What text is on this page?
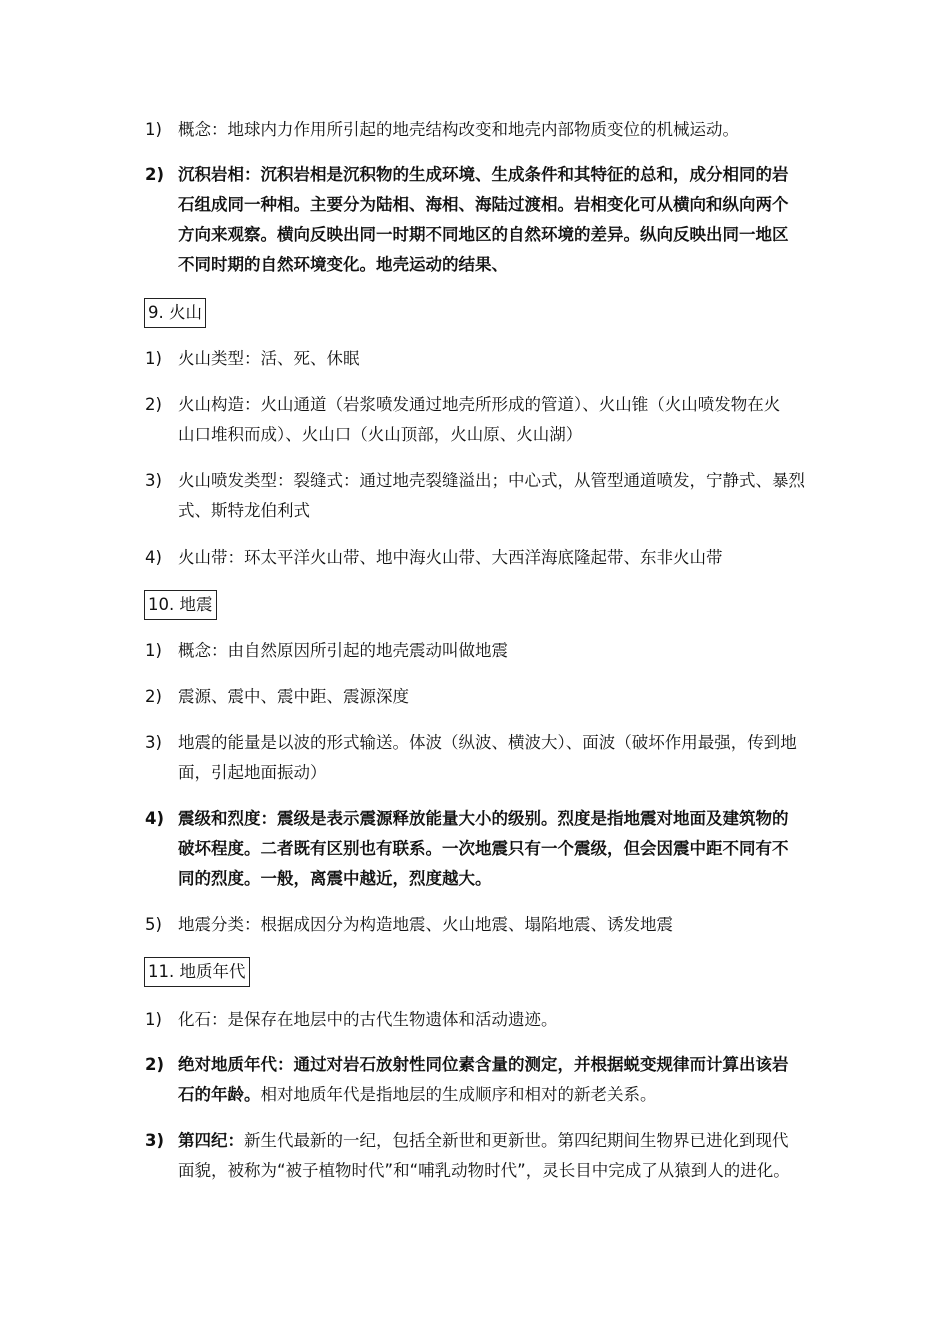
1) 概念：地球内力作用所引起的地壳结构改变和地壳内部物质变位的机械运动。
2) 沉积岩相：沉积岩相是沉积物的生成环境、生成条件和其特征的总和，成分相同的岩石组成同一种相。主要分为陆相、海相、海陆过渡相。岩相变化可从横向和纵向两个方向来观察。横向反映出同一时期不同地区的自然环境的差异。纵向反映出同一地区不同时期的自然环境变化。地壳运动的结果、
9. 火山
1) 火山类型：活、死、休眠
2) 火山构造：火山通道（岩浆喷发通过地壳所形成的管道）、火山锥（火山喷发物在火山口堆积而成）、火山口（火山顶部，火山原、火山湖）
3) 火山喷发类型：裂缝式：通过地壳裂缝溢出；中心式，从管型通道喷发，宁静式、暴烈式、斯特龙伯利式
4) 火山带：环太平洋火山带、地中海火山带、大西洋海底隆起带、东非火山带
10. 地震
1) 概念：由自然原因所引起的地壳震动叫做地震
2) 震源、震中、震中距、震源深度
3) 地震的能量是以波的形式输送。体波（纵波、横波大）、面波（破坏作用最强，传到地面，引起地面振动）
4) 震级和烈度：震级是表示震源释放能量大小的级别。烈度是指地震对地面及建筑物的破坏程度。二者既有区别也有联系。一次地震只有一个震级，但会因震中距不同有不同的烈度。一般，离震中越近，烈度越大。
5) 地震分类：根据成因分为构造地震、火山地震、塌陷地震、诱发地震
11. 地质年代
1) 化石：是保存在地层中的古代生物遗体和活动遗迹。
2) 绝对地质年代：通过对岩石放射性同位素含量的测定，并根据蜕变规律而计算出该岩石的年龄。相对地质年代是指地层的生成顺序和相对的新老关系。
3) 第四纪：新生代最新的一纪，包括全新世和更新世。第四纪期间生物界已进化到现代面貌，被称为“被子植物时代”和“哺乳动物时代”，灵长目中完成了从猿到人的进化。
